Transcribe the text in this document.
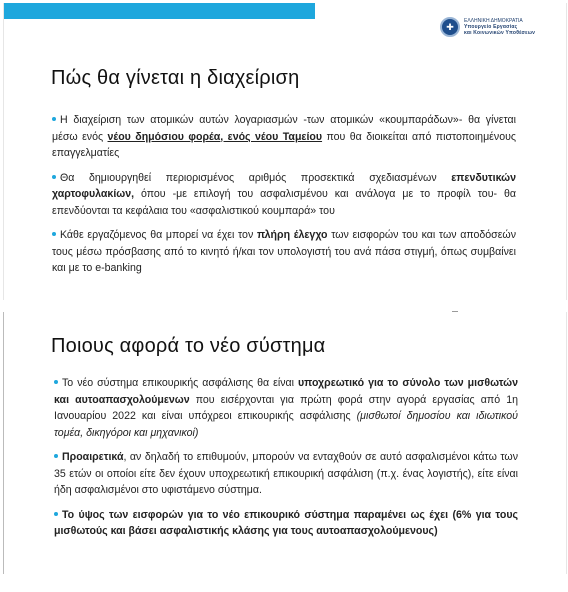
✚
ΕΛΛΗΝΙΚΗ ΔΗΜΟΚΡΑΤΙΑ
Υπουργείο Εργασίας
και Κοινωνικών Υποθέσεων
Πώς θα γίνεται η διαχείριση
Η διαχείριση των ατομικών αυτών λογαριασμών -των ατομικών «κουμπαράδων»- θα γίνεται μέσω ενός νέου δημόσιου φορέα, ενός νέου Ταμείου που θα διοικείται από πιστοποιημένους επαγγελματίες
Θα δημιουργηθεί περιορισμένος αριθμός προσεκτικά σχεδιασμένων επενδυτικών χαρτοφυλακίων, όπου -με επιλογή του ασφαλισμένου και ανάλογα με το προφίλ του- θα επενδύονται τα κεφάλαια του «ασφαλιστικού κουμπαρά» του
Κάθε εργαζόμενος θα μπορεί να έχει τον πλήρη έλεγχο των εισφορών του και των αποδόσεών τους μέσω πρόσβασης από το κινητό ή/και τον υπολογιστή του ανά πάσα στιγμή, όπως συμβαίνει και με το e-banking
Ποιους αφορά το νέο σύστημα
Το νέο σύστημα επικουρικής ασφάλισης θα είναι υποχρεωτικό για το σύνολο των μισθωτών και αυτοαπασχολούμενων που εισέρχονται για πρώτη φορά στην αγορά εργασίας από 1η Ιανουαρίου 2022 και είναι υπόχρεοι επικουρικής ασφάλισης (μισθωτοί δημοσίου και ιδιωτικού τομέα, δικηγόροι και μηχανικοί)
Προαιρετικά, αν δηλαδή το επιθυμούν, μπορούν να ενταχθούν σε αυτό ασφαλισμένοι κάτω των 35 ετών οι οποίοι είτε δεν έχουν υποχρεωτική επικουρική ασφάλιση (π.χ. ένας λογιστής), είτε είναι ήδη ασφαλισμένοι στο υφιστάμενο σύστημα.
Το ύψος των εισφορών για το νέο επικουρικό σύστημα παραμένει ως έχει (6% για τους μισθωτούς και βάσει ασφαλιστικής κλάσης για τους αυτοαπασχολούμενους)
